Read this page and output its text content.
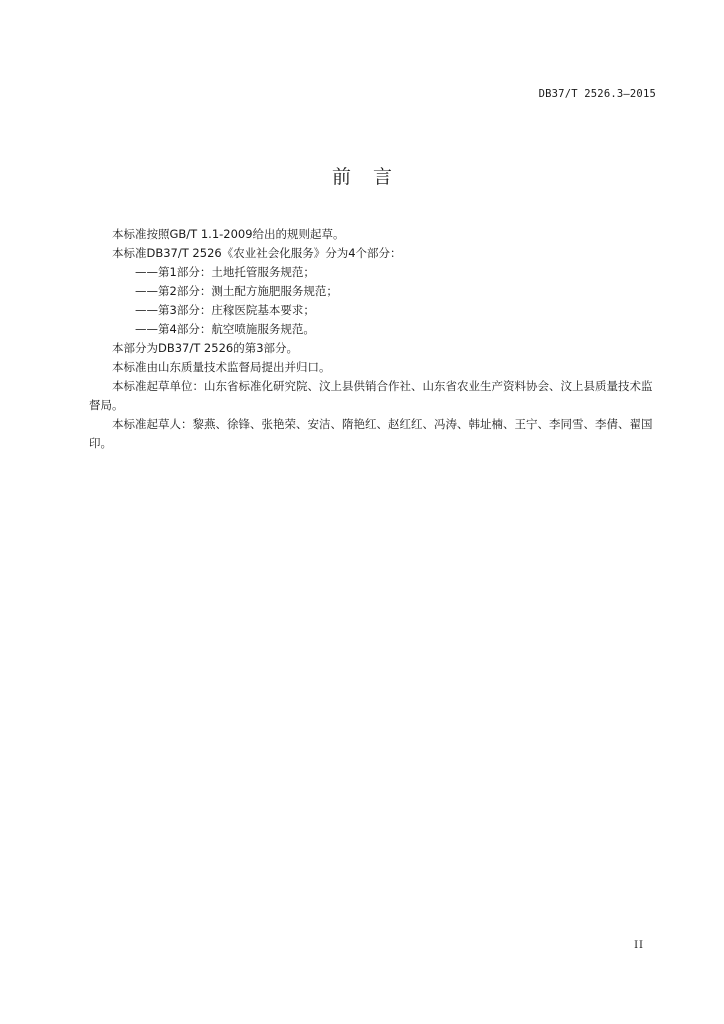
DB37/T 2526.3—2015
前言

本标准按照GB/T 1.1-2009给出的规则起草。

本标准DB37/T 2526《农业社会化服务》分为4个部分：

——第1部分：土地托管服务规范；

——第2部分：测土配方施肥服务规范；

——第3部分：庄稼医院基本要求；

——第4部分：航空喷施服务规范。

本部分为DB37/T 2526的第3部分。

本标准由山东质量技术监督局提出并归口。

本标准起草单位：山东省标准化研究院、汶上县供销合作社、山东省农业生产资料协会、汶上县质量技术监督局。

本标准起草人：黎燕、徐锋、张艳荣、安洁、隋艳红、赵红红、冯涛、韩址楠、王宁、李同雪、李倩、翟国印。

II
